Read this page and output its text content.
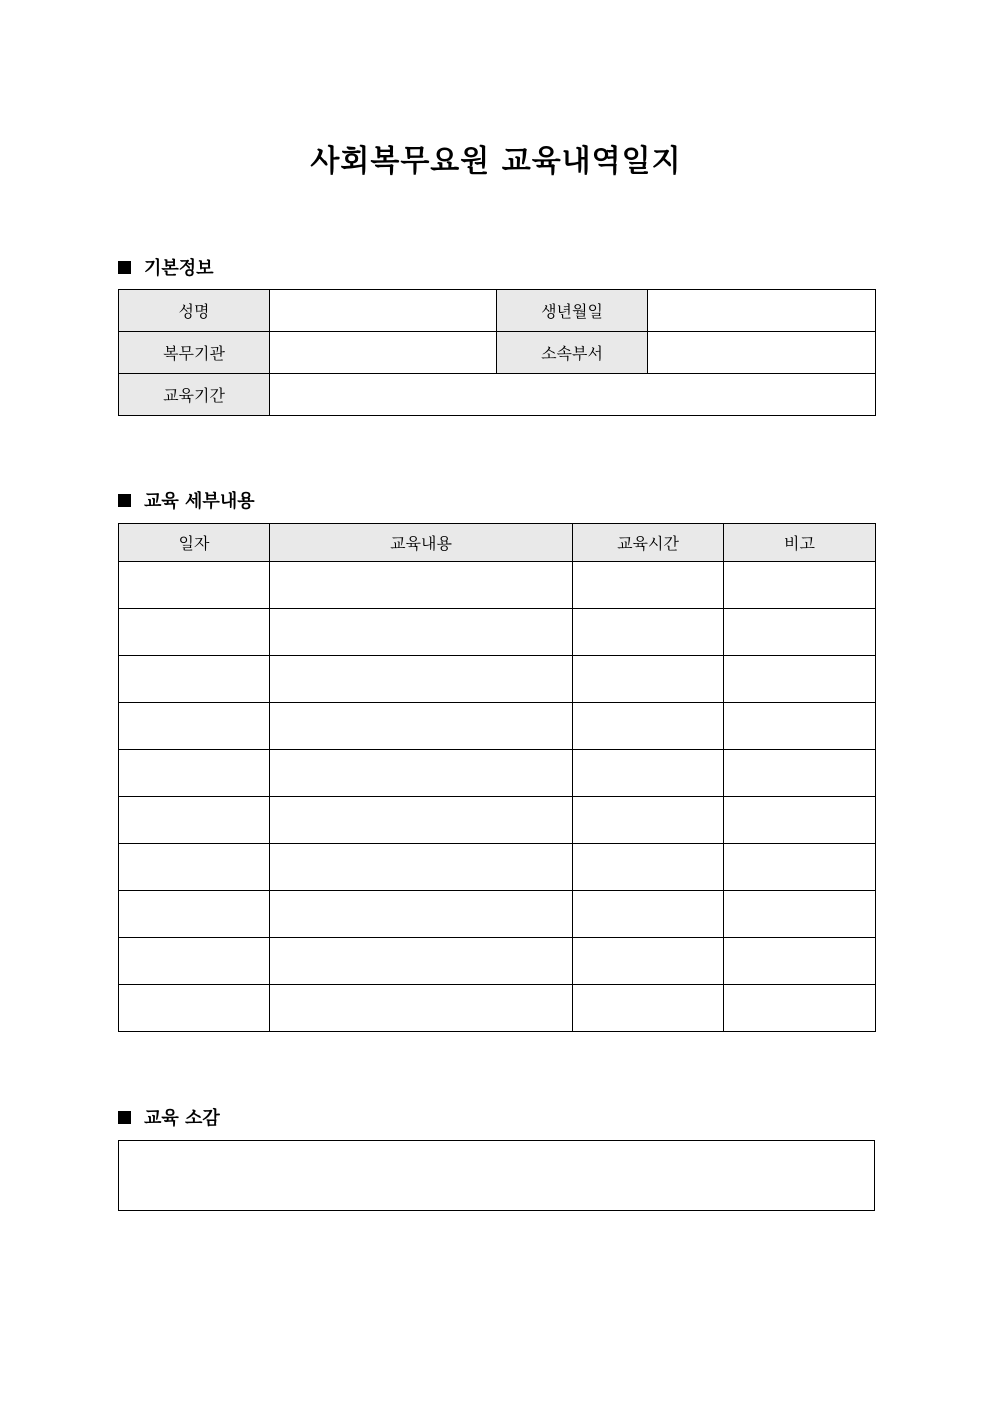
사회복무요원 교육내역일지
기본정보
성명		생년월일	
복무기관		소속부서	
교육기간			
교육 세부내용
일자	교육내용	교육시간	비고

교육 소감
